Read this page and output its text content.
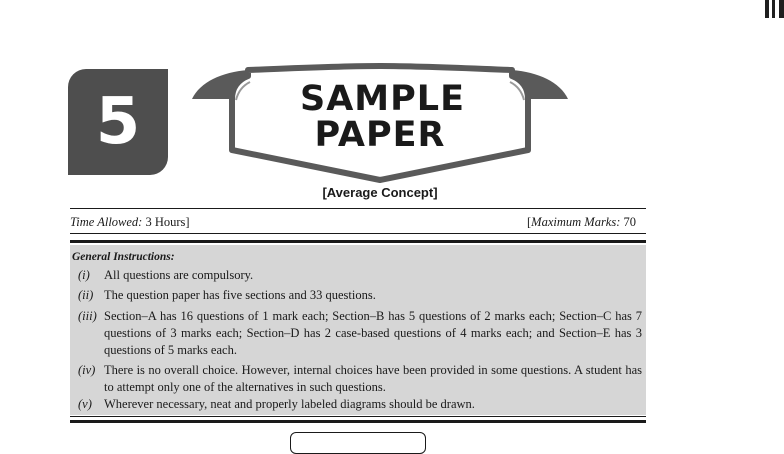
5	SAMPLE
PAPER
[Average Concept]
Time Allowed: 3 Hours]	[Maximum Marks: 70
General Instructions:
(i)	All questions are compulsory.
(ii) The question paper has five sections and 33 questions.
(iii) Section–A has 16 questions of 1 mark each; Section–B has 5 questions of 2 marks each; Section–C has 7 questions of 3 marks each; Section–D has 2 case-based questions of 4 marks each; and Section–E has 3 questions of 5 marks each.
(iv) There is no overall choice. However, internal choices have been provided in some questions. A student has to attempt only one of the alternatives in such questions.
(v) Wherever necessary, neat and properly labeled diagrams should be drawn.
